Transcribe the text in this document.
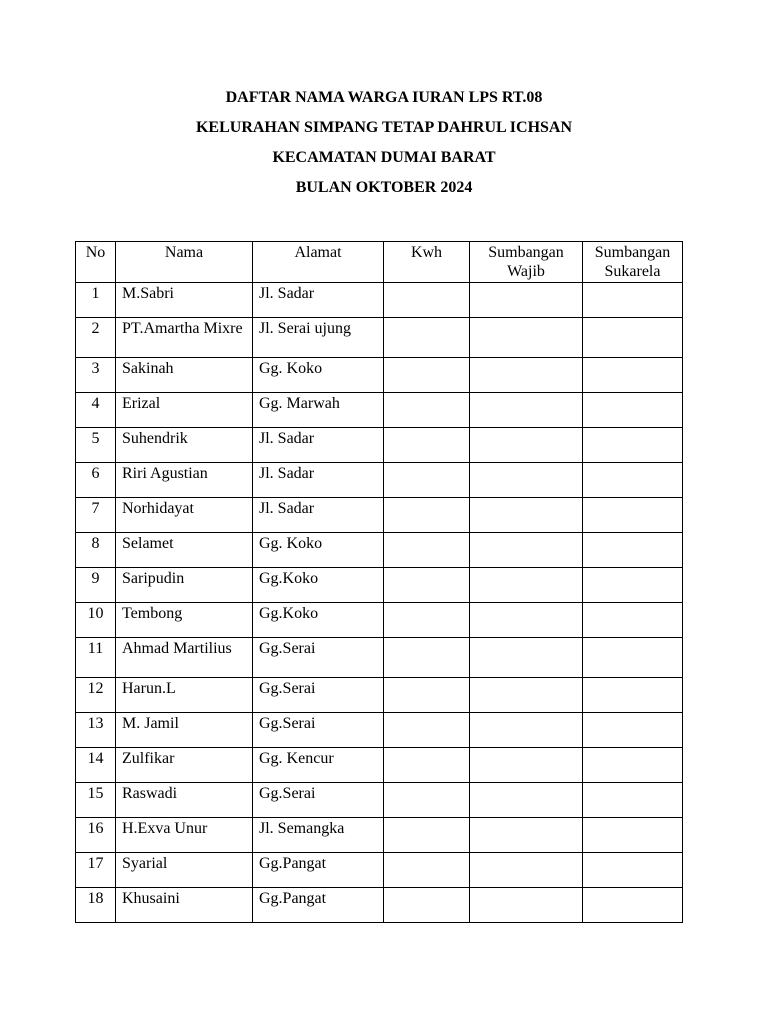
DAFTAR NAMA WARGA IURAN LPS RT.08
KELURAHAN SIMPANG TETAP DAHRUL ICHSAN
KECAMATAN DUMAI BARAT
BULAN OKTOBER 2024
No	Nama	Alamat	Kwh	Sumbangan Wajib	Sumbangan Sukarela
1	M.Sabri	Jl. Sadar			
2	PT.Amartha Mixre	Jl. Serai ujung			
3	Sakinah	Gg. Koko			
4	Erizal	Gg. Marwah			
5	Suhendrik	Jl. Sadar			
6	Riri Agustian	Jl. Sadar			
7	Norhidayat	Jl. Sadar			
8	Selamet	Gg. Koko			
9	Saripudin	Gg.Koko			
10	Tembong	Gg.Koko			
11	Ahmad Martilius	Gg.Serai			
12	Harun.L	Gg.Serai			
13	M. Jamil	Gg.Serai			
14	Zulfikar	Gg. Kencur			
15	Raswadi	Gg.Serai			
16	H.Exva Unur	Jl. Semangka			
17	Syarial	Gg.Pangat			
18	Khusaini	Gg.Pangat			
